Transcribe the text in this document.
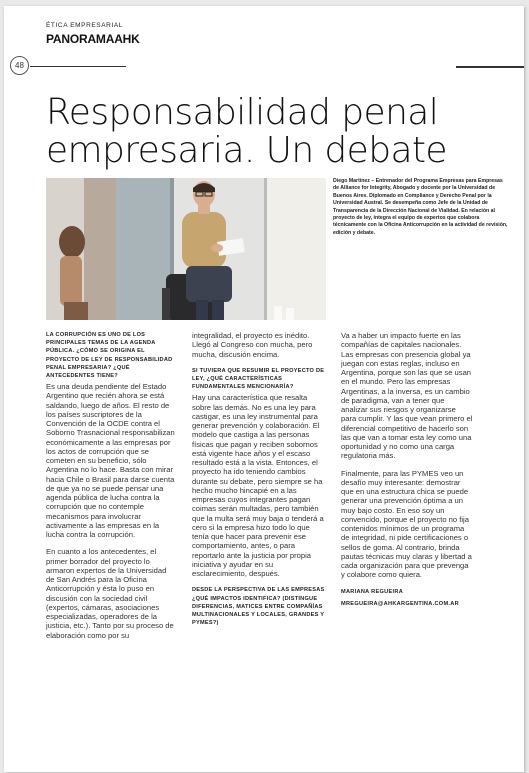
ÉTICA EMPRESARIAL
PANORAMAAHK
48
Responsabilidad penal
empresaria. Un debate
Diego Martínez – Entrenador del Programa Empresas para Empresas de Alliance for Integrity, Abogado y docente por la Universidad de Buenos Aires. Diplomado en Compliance y Derecho Penal por la Universidad Austral. Se desempeña como Jefe de la Unidad de Transparencia de la Dirección Nacional de Vialidad. En relación al proyecto de ley, integra el equipo de expertos que colabora técnicamente con la Oficina Anticorrupción en la actividad de revisión, edición y debate.
LA CORRUPCIÓN ES UNO DE LOS PRINCIPALES TEMAS DE LA AGENDA PÚBLICA. ¿CÓMO SE ORIGINA EL PROYECTO DE LEY DE RESPONSABILIDAD PENAL EMPRESARIA? ¿QUÉ ANTECEDENTES TIENE?
Es una deuda pendiente del Estado Argentino que recién ahora se está saldando, luego de años. El resto de los países suscriptores de la Convención de la OCDE contra el Soborno Trasnacional responsabilizan económicamente a las empresas por los actos de corrupción que se cometen en su beneficio, sólo Argentina no lo hace. Basta con mirar hacia Chile o Brasil para darse cuenta de que ya no se puede pensar una agenda pública de lucha contra la corrupción que no contemple mecanismos para involucrar activamente a las empresas en la lucha contra la corrupción.
En cuanto a los antecedentes, el primer borrador del proyecto lo armaron expertos de la Universidad de San Andrés para la Oficina Anticorrupción y ésta lo puso en discusión con la sociedad civil (expertos, cámaras, asociaciones especializadas, operadores de la justicia, etc.). Tanto por su proceso de elaboración como por su
integralidad, el proyecto es inédito. Llegó al Congreso con mucha, pero mucha, discusión encima.
SI TUVIERA QUE RESUMIR EL PROYECTO DE LEY, ¿QUÉ CARACTERÍSTICAS FUNDAMENTALES MENCIONARÍA?
Hay una característica que resalta sobre las demás. No es una ley para castigar, es una ley instrumental para generar prevención y colaboración. El modelo que castiga a las personas físicas que pagan y reciben sobornos está vigente hace años y el escaso resultado está a la vista. Entonces, el proyecto ha ido teniendo cambios durante su debate, pero siempre se ha hecho mucho hincapié en a las empresas cuyos integrantes pagan coimas serán multadas, pero también que la multa será muy baja o tenderá a cero si la empresa hizo todo lo que tenía que hacer para prevenir ese comportamiento, antes, o para reportarlo ante la justicia por propia iniciativa y ayudar en su esclarecimiento, después.
DESDE LA PERSPECTIVA DE LAS EMPRESAS ¿QUÉ IMPACTOS IDENTIFICA? (DISTINGUE DIFERENCIAS, MATICES ENTRE COMPAÑÍAS MULTINACIONALES Y LOCALES, GRANDES Y PYMES?)
Va a haber un impacto fuerte en las compañías de capitales nacionales. Las empresas con presencia global ya juegan con estas reglas, incluso en Argentina, porque son las que se usan en el mundo. Pero las empresas Argentinas, a la inversa, es un cambio de paradigma, van a tener que analizar sus riesgos y organizarse para cumplir. Y las que vean primero el diferencial competitivo de hacerlo son las que van a tomar esta ley como una oportunidad y no como una carga regulatoria más.
Finalmente, para las PYMES veo un desafío muy interesante: demostrar que en una estructura chica se puede generar una prevención óptima a un muy bajo costo. En eso soy un convencido, porque el proyecto no fija contenidos mínimos de un programa de integridad, ni pide certificaciones o sellos de goma. Al contrario, brinda pautas técnicas muy claras y libertad a cada organización para que prevenga y colabore como quiera.
MARIANA REGUEIRA
MREGUEIRA@AHKARGENTINA.COM.AR
